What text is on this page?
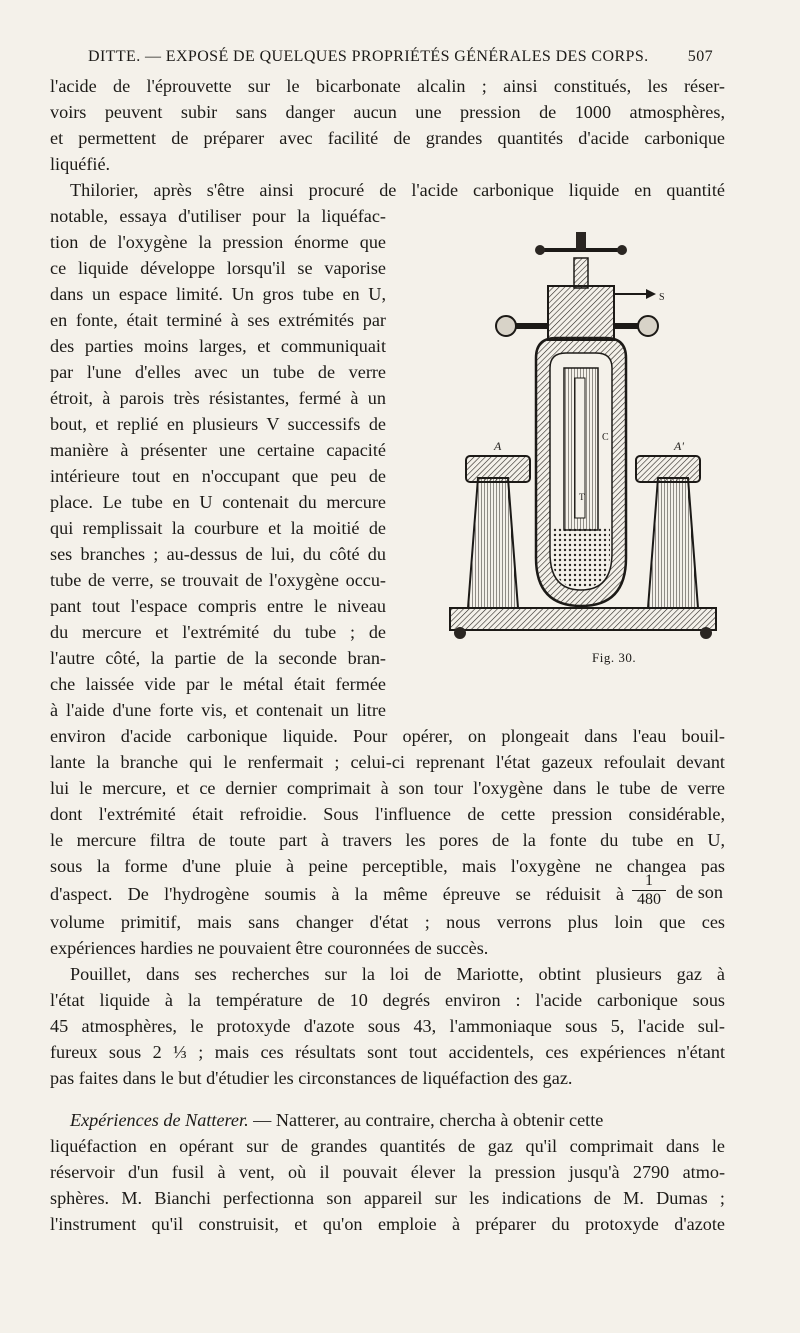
DITTE. — EXPOSÉ DE QUELQUES PROPRIÉTÉS GÉNÉRALES DES CORPS. 507
l'acide de l'éprouvette sur le bicarbonate alcalin ; ainsi constitués, les réser-
voirs peuvent subir sans danger aucun une pression de 1000 atmosphères,
et permettent de préparer avec facilité de grandes quantités d'acide carbonique
liquéfié.
Thilorier, après s'être ainsi procuré de l'acide carbonique liquide en quantité
notable, essaya d'utiliser pour la liquéfac-
tion de l'oxygène la pression énorme que
ce liquide développe lorsqu'il se vaporise
dans un espace limité. Un gros tube en U,
en fonte, était terminé à ses extrémités par
des parties moins larges, et communiquait
par l'une d'elles avec un tube de verre
étroit, à parois très résistantes, fermé à un
bout, et replié en plusieurs V successifs de
manière à présenter une certaine capacité
intérieure tout en n'occupant que peu de
place. Le tube en U contenait du mercure
qui remplissait la courbure et la moitié de
ses branches ; au-dessus de lui, du côté du
tube de verre, se trouvait de l'oxygène occu-
pant tout l'espace compris entre le niveau
du mercure et l'extrémité du tube ; de
l'autre côté, la partie de la seconde bran-
che laissée vide par le métal était fermée
à l'aide d'une forte vis, et contenait un litre
environ d'acide carbonique liquide. Pour opérer, on plongeait dans l'eau bouil-
lante la branche qui le renfermait ; celui-ci reprenant l'état gazeux refoulait devant
lui le mercure, et ce dernier comprimait à son tour l'oxygène dans le tube de verre
dont l'extrémité était refroidie. Sous l'influence de cette pression considérable,
le mercure filtra de toute part à travers les pores de la fonte du tube en U,
sous la forme d'une pluie à peine perceptible, mais l'oxygène ne changea pas
d'aspect. De l'hydrogène soumis à la même épreuve se réduisit à $\frac{1}{480}$ de son
volume primitif, mais sans changer d'état ; nous verrons plus loin que ces
expériences hardies ne pouvaient être couronnées de succès.
Pouillet, dans ses recherches sur la loi de Mariotte, obtint plusieurs gaz à
l'état liquide à la température de 10 degrés environ : l'acide carbonique sous
45 atmosphères, le protoxyde d'azote sous 43, l'ammoniaque sous 5, l'acide sul-
fureux sous 2 ⅓ ; mais ces résultats sont tout accidentels, ces expériences n'étant
pas faites dans le but d'étudier les circonstances de liquéfaction des gaz.
Expériences de Natterer. — Natterer, au contraire, chercha à obtenir cette
liquéfaction en opérant sur de grandes quantités de gaz qu'il comprimait dans le
réservoir d'un fusil à vent, où il pouvait élever la pression jusqu'à 2790 atmo-
sphères. M. Bianchi perfectionna son appareil sur les indications de M. Dumas ;
l'instrument qu'il construisit, et qu'on emploie à préparer du protoxyde d'azote
A	A'
C
T
S
Fig. 30.
